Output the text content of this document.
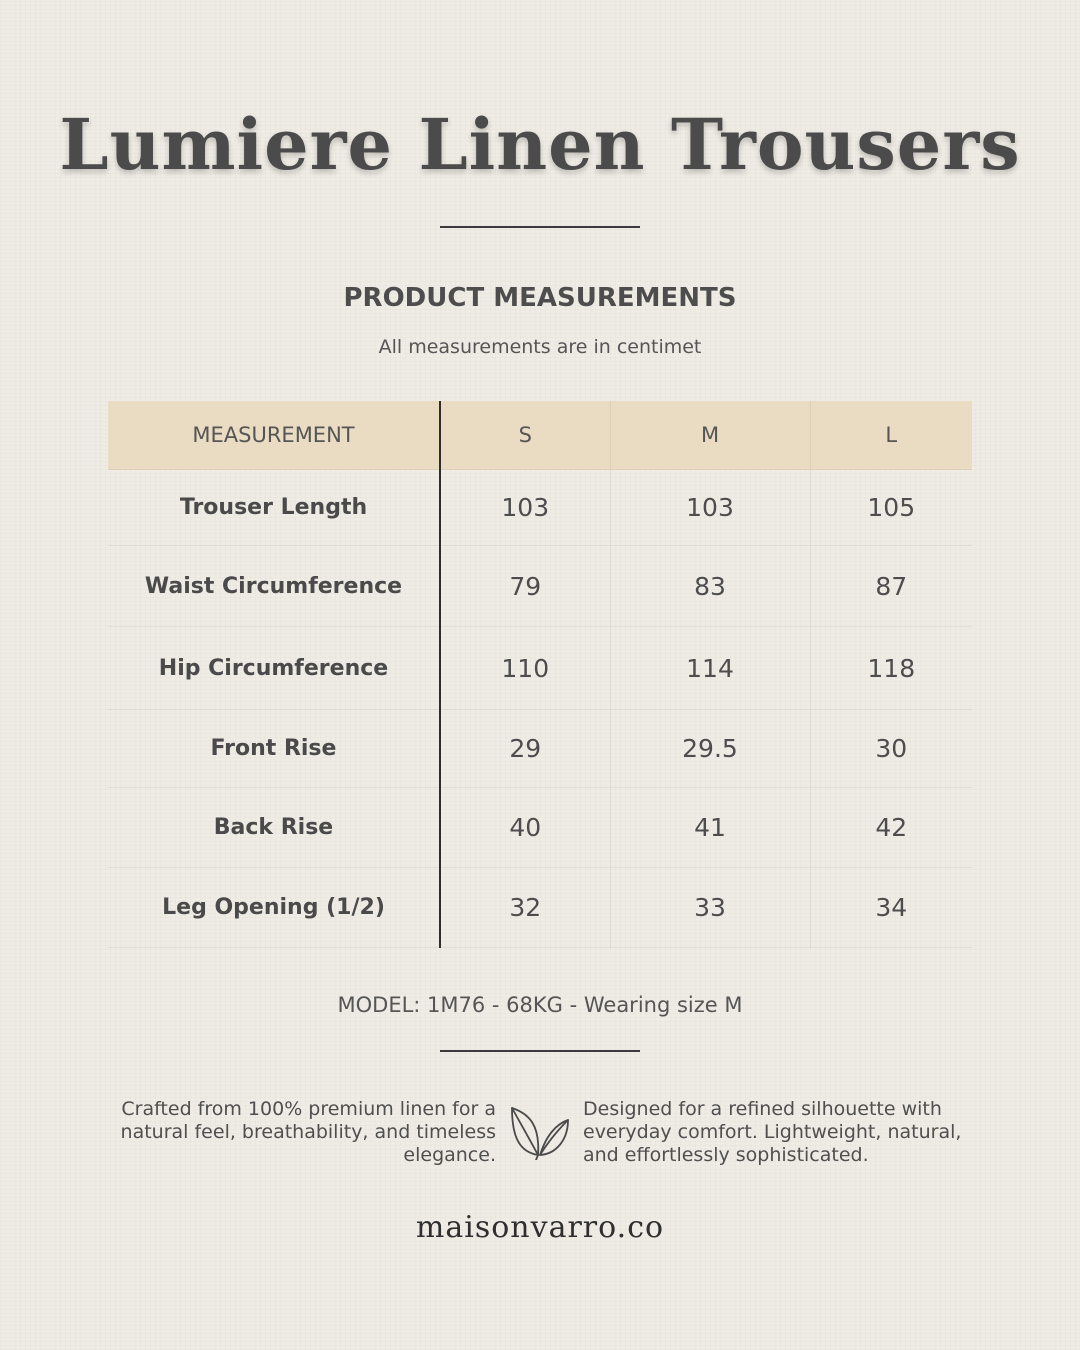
Lumiere Linen Trousers
PRODUCT MEASUREMENTS
All measurements are in centimet
MEASUREMENT	S	M	L
Trouser Length	103	103	105
Waist Circumference	79	83	87
Hip Circumference	110	114	118
Front Rise	29	29.5	30
Back Rise	40	41	42
Leg Opening (1/2)	32	33	34
MODEL: 1M76 - 68KG - Wearing size M

Crafted from 100% premium linen for a natural feel, breathability, and timeless elegance.

Designed for a refined silhouette with everyday comfort. Lightweight, natural, and effortlessly sophisticated.

maisonvarro.co
